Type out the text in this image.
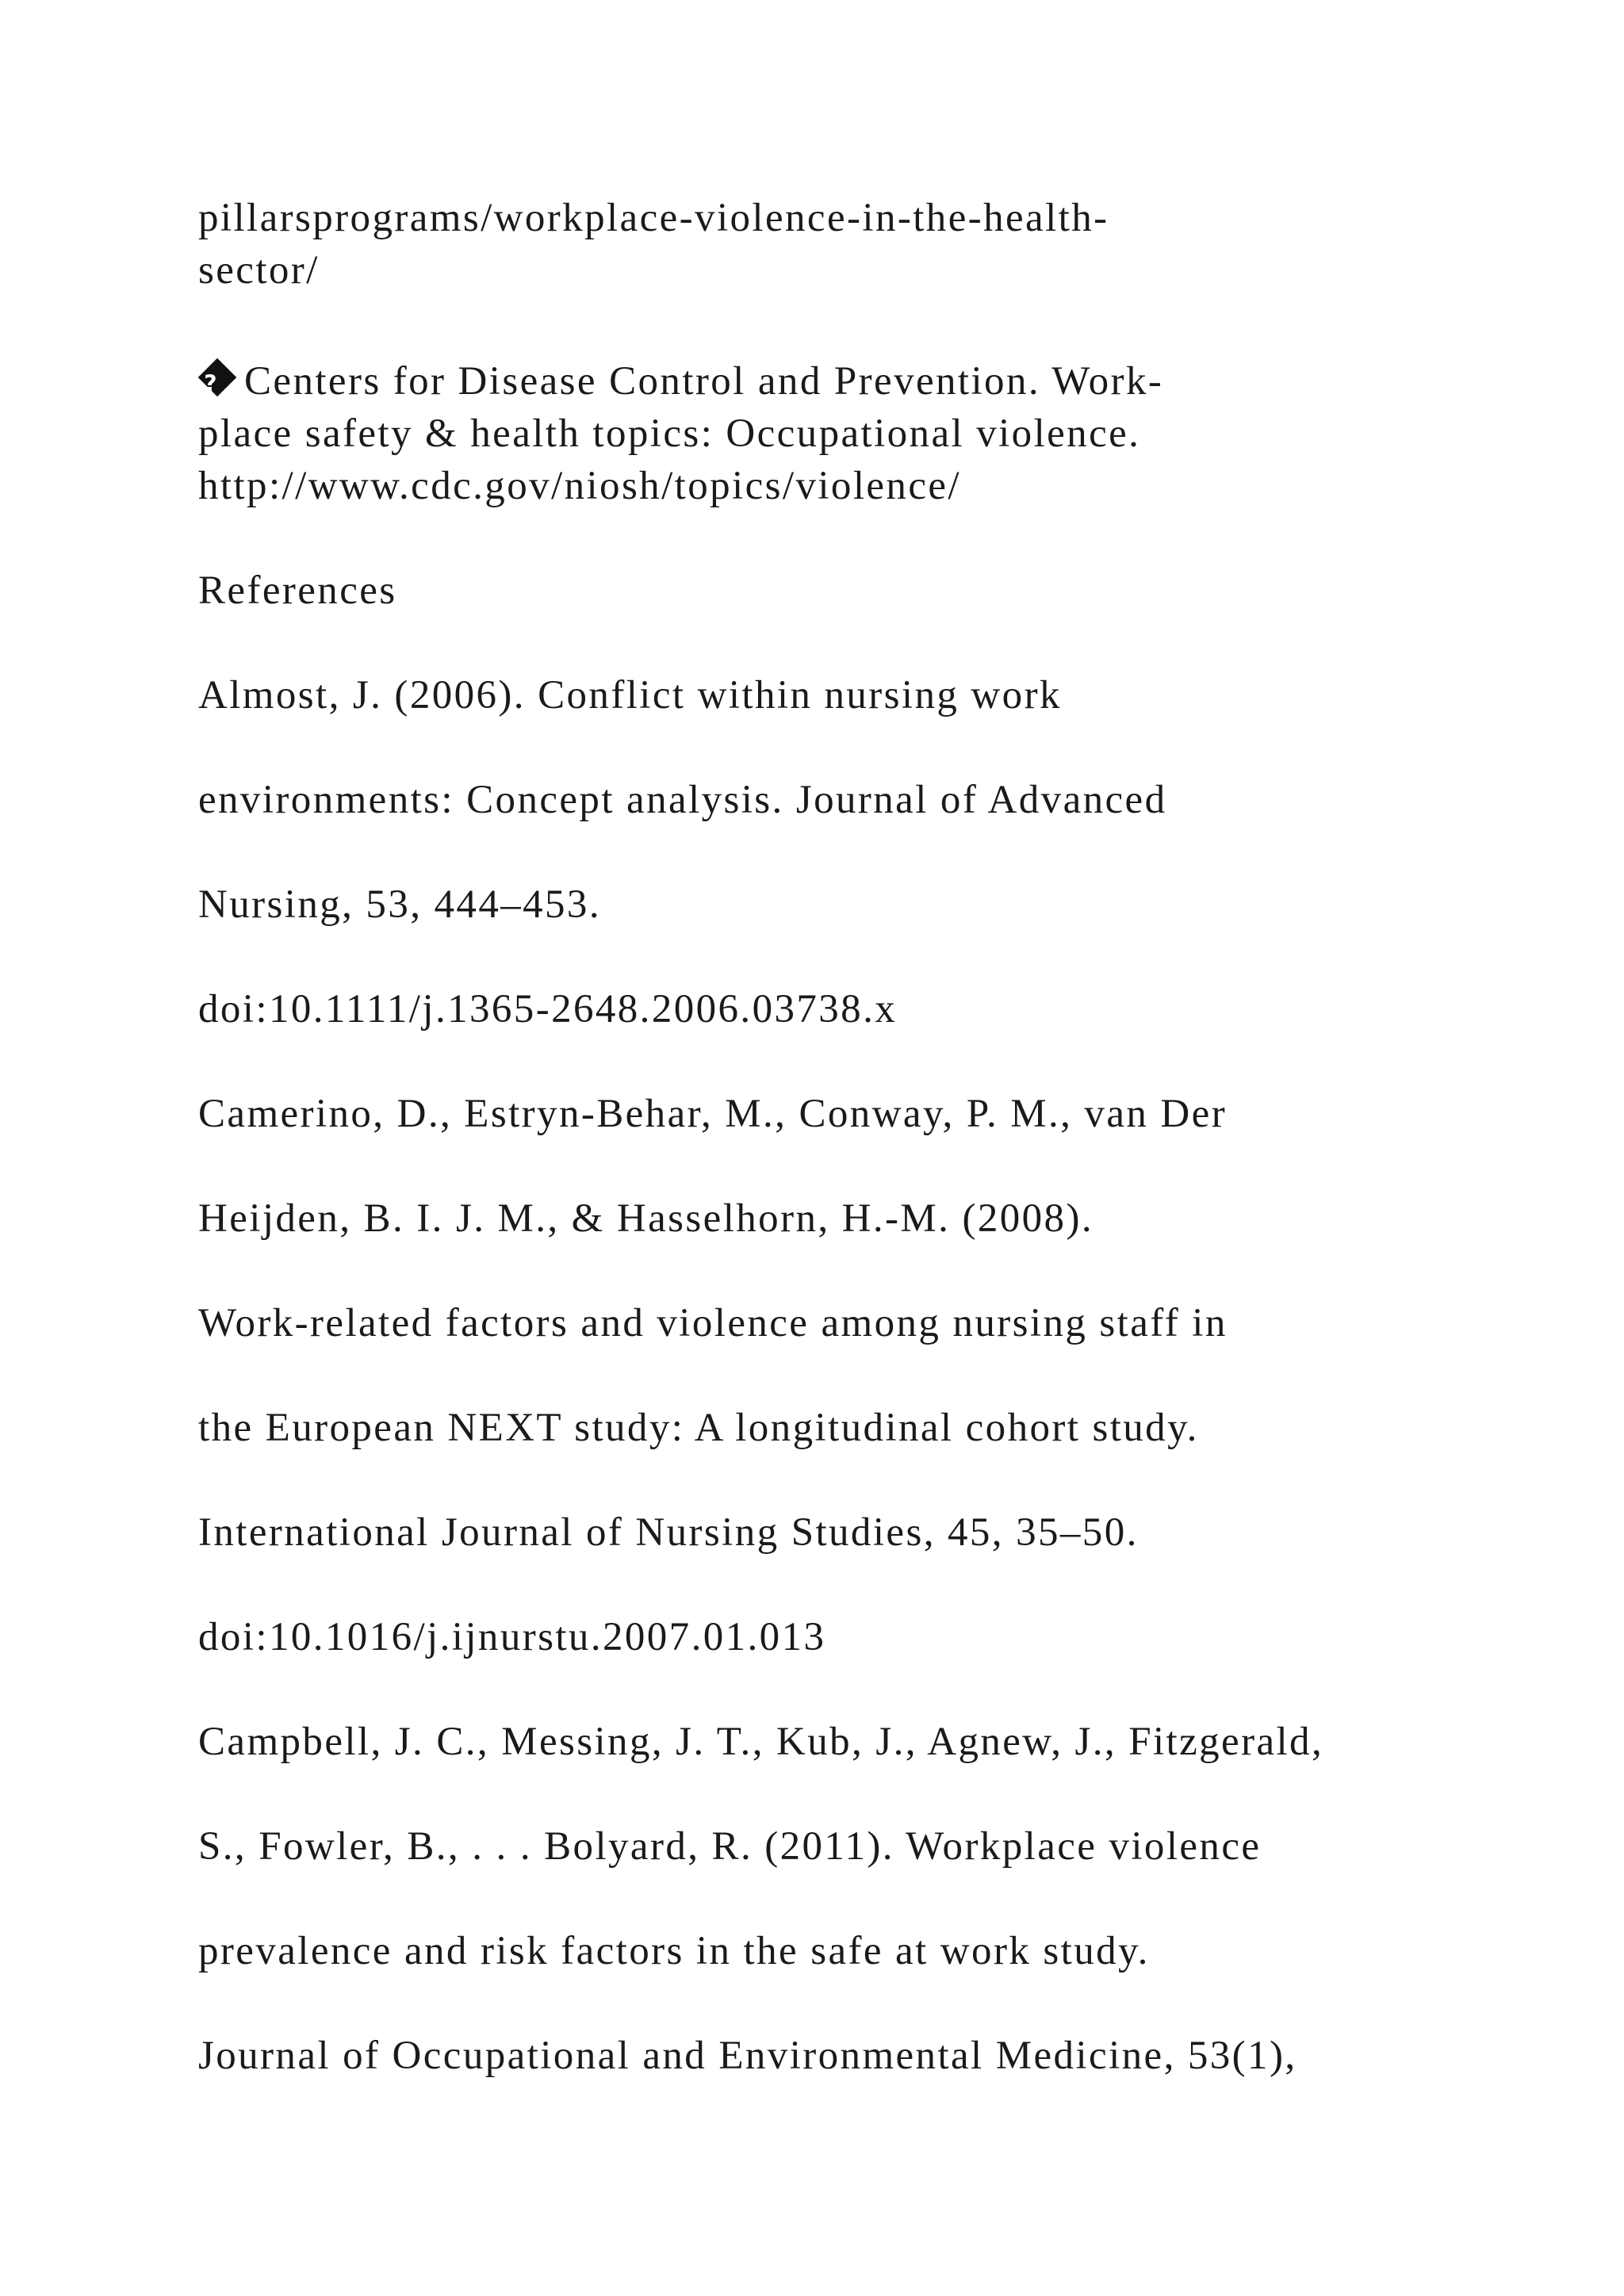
pillarsprograms/workplace-violence-in-the-health-

sector/

? Centers for Disease Control and Prevention. Work-

place safety & health topics: Occupational violence.

http://www.cdc.gov/niosh/topics/violence/

References

Almost, J. (2006). Conflict within nursing work

environments: Concept analysis. Journal of Advanced

Nursing, 53, 444–453.

doi:10.1111/j.1365-2648.2006.03738.x

Camerino, D., Estryn-Behar, M., Conway, P. M., van Der

Heijden, B. I. J. M., & Hasselhorn, H.-M. (2008).

Work-related factors and violence among nursing staff in

the European NEXT study: A longitudinal cohort study.

International Journal of Nursing Studies, 45, 35–50.

doi:10.1016/j.ijnurstu.2007.01.013

Campbell, J. C., Messing, J. T., Kub, J., Agnew, J., Fitzgerald,

S., Fowler, B., . . . Bolyard, R. (2011). Workplace violence

prevalence and risk factors in the safe at work study.

Journal of Occupational and Environmental Medicine, 53(1),
